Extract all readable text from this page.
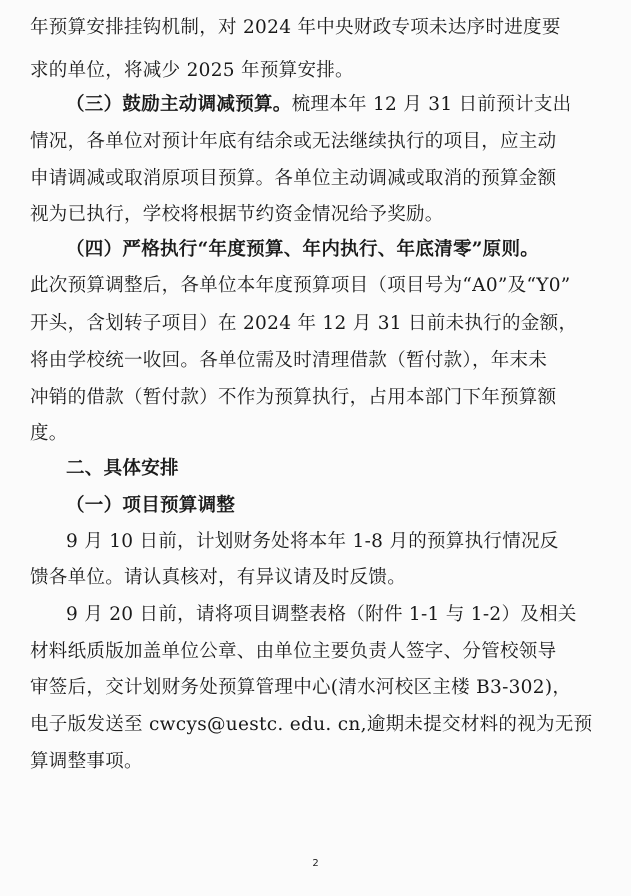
年预算安排挂钩机制，对 2024 年中央财政专项未达序时进度要
求的单位，将减少 2025 年预算安排。
（三）鼓励主动调减预算。梳理本年 12 月 31 日前预计支出
情况，各单位对预计年底有结余或无法继续执行的项目，应主动
申请调减或取消原项目预算。各单位主动调减或取消的预算金额
视为已执行，学校将根据节约资金情况给予奖励。
（四）严格执行“年度预算、年内执行、年底清零”原则。
此次预算调整后，各单位本年度预算项目（项目号为“A0”及“Y0”
开头，含划转子项目）在 2024 年 12 月 31 日前未执行的金额，
将由学校统一收回。各单位需及时清理借款（暂付款），年末未
冲销的借款（暂付款）不作为预算执行，占用本部门下年预算额
度。
二、具体安排
（一）项目预算调整
9 月 10 日前，计划财务处将本年 1-8 月的预算执行情况反
馈各单位。请认真核对，有异议请及时反馈。
9 月 20 日前，请将项目调整表格（附件 1-1 与 1-2）及相关
材料纸质版加盖单位公章、由单位主要负责人签字、分管校领导
审签后，交计划财务处预算管理中心(清水河校区主楼 B3-302)，
电子版发送至 cwcys@uestc. edu. cn,逾期未提交材料的视为无预
算调整事项。
2
